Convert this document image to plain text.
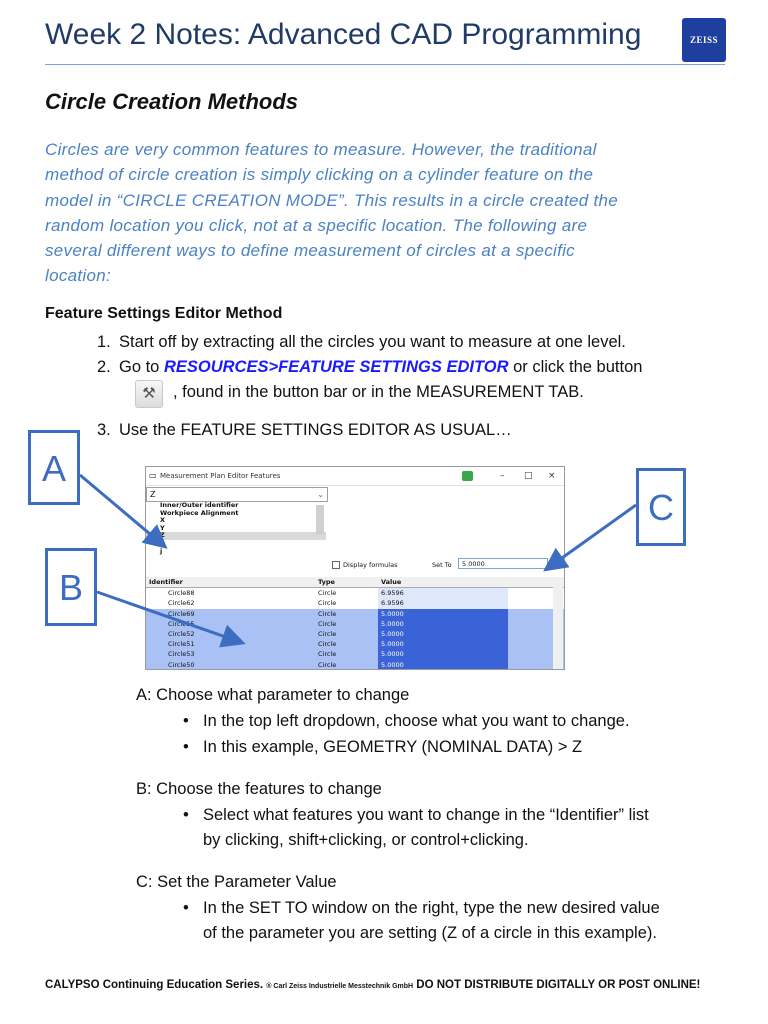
Week 2 Notes: Advanced CAD Programming	ZEISS
Circle Creation Methods
Circles are very common features to measure. However, the traditional
method of circle creation is simply clicking on a cylinder feature on the
model in “CIRCLE CREATION MODE”. This results in a circle created the
random location you click, not at a specific location. The following are
several different ways to define measurement of circles at a specific
location:
Feature Settings Editor Method
1. Start off by extracting all the circles you want to measure at one level.
2. Go to RESOURCES>FEATURE SETTINGS EDITOR or click the button
⚒	, found in the button bar or in the MEASUREMENT TAB.
3. Use the FEATURE SETTINGS EDITOR AS USUAL…
▭ Measurement Plan Editor Features	– □ ×
Z	⌄
Inner/Outer identifier
Workpiece Alignment
X
Y
Z
j
Display formulas	Set To	5.0000
Identifier	Type	Value
Circle88	Circle	6.9596
Circle62	Circle	6.9596
Circle69	Circle	5.0000
Circle55	Circle	5.0000
Circle52	Circle	5.0000
Circle51	Circle	5.0000
Circle53	Circle	5.0000
Circle50	Circle	5.0000
A
B
C
A: Choose what parameter to change
• In the top left dropdown, choose what you want to change.
• In this example, GEOMETRY (NOMINAL DATA) > Z
B: Choose the features to change
• Select what features you want to change in the “Identifier” list
by clicking, shift+clicking, or control+clicking.
C: Set the Parameter Value
• In the SET TO window on the right, type the new desired value
of the parameter you are setting (Z of a circle in this example).
CALYPSO Continuing Education Series. ® Carl Zeiss Industrielle Messtechnik GmbH DO NOT DISTRIBUTE DIGITALLY OR POST ONLINE!
